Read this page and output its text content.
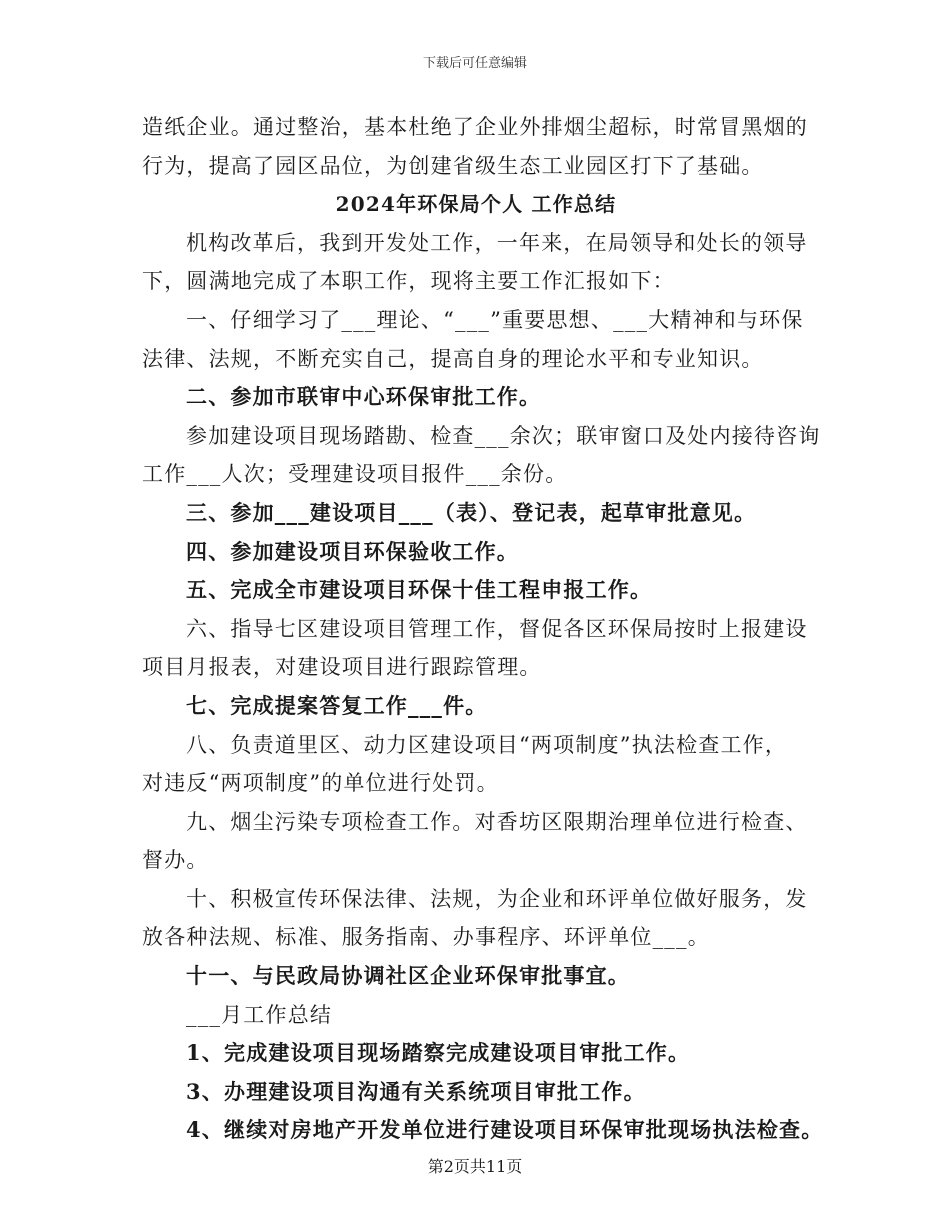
下载后可任意编辑
造纸企业。通过整治，基本杜绝了企业外排烟尘超标，时常冒黑烟的
行为，提高了园区品位，为创建省级生态工业园区打下了基础。
2024年环保局个人 工作总结
机构改革后，我到开发处工作，一年来，在局领导和处长的领导
下，圆满地完成了本职工作，现将主要工作汇报如下：
一、仔细学习了___理论、“___”重要思想、___大精神和与环保
法律、法规，不断充实自己，提高自身的理论水平和专业知识。
二、参加市联审中心环保审批工作。
参加建设项目现场踏勘、检查___余次；联审窗口及处内接待咨询
工作___人次；受理建设项目报件___余份。
三、参加___建设项目___（表）、登记表，起草审批意见。
四、参加建设项目环保验收工作。
五、完成全市建设项目环保十佳工程申报工作。
六、指导七区建设项目管理工作，督促各区环保局按时上报建设
项目月报表，对建设项目进行跟踪管理。
七、完成提案答复工作___件。
八、负责道里区、动力区建设项目“两项制度”执法检查工作，
对违反“两项制度”的单位进行处罚。
九、烟尘污染专项检查工作。对香坊区限期治理单位进行检查、
督办。
十、积极宣传环保法律、法规，为企业和环评单位做好服务，发
放各种法规、标准、服务指南、办事程序、环评单位___。
十一、与民政局协调社区企业环保审批事宜。
___月工作总结
1、完成建设项目现场踏察完成建设项目审批工作。
3、办理建设项目沟通有关系统项目审批工作。
4、继续对房地产开发单位进行建设项目环保审批现场执法检查。
第2页共11页
